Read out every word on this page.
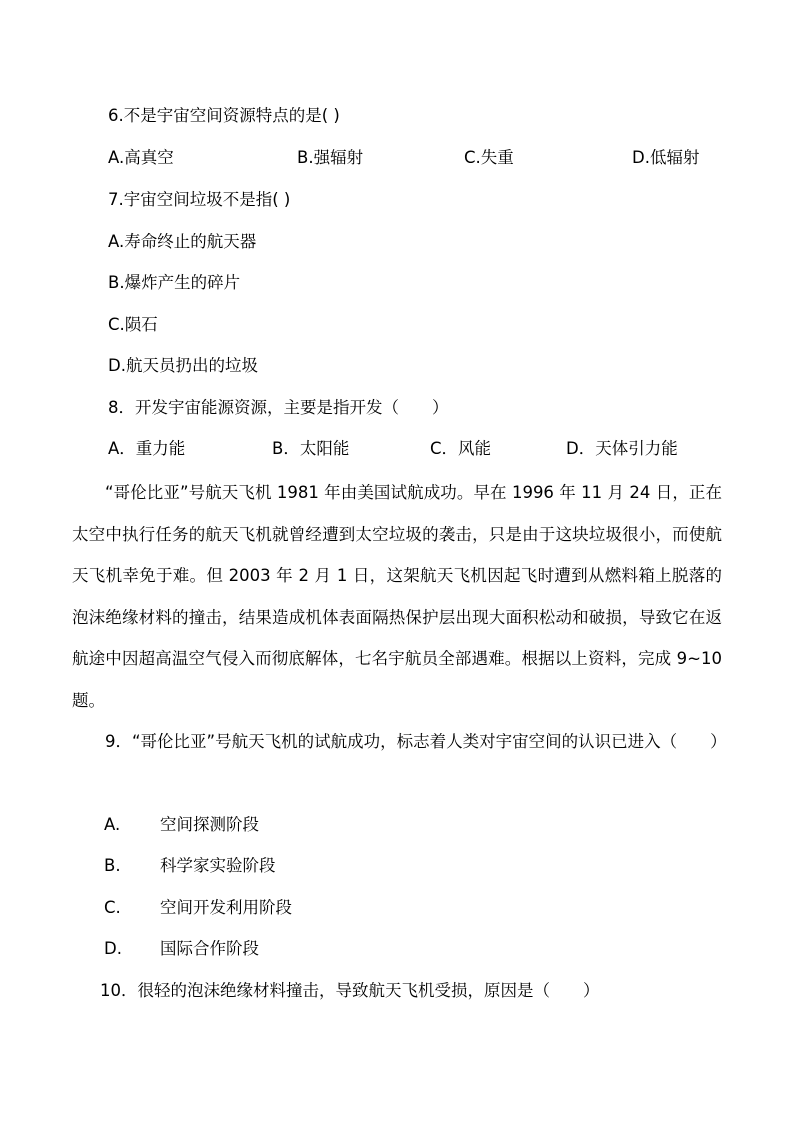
6.不是宇宙空间资源特点的是( )
A.高真空	B.强辐射	C.失重	D.低辐射
7.宇宙空间垃圾不是指( )
A.寿命终止的航天器
B.爆炸产生的碎片
C.陨石
D.航天员扔出的垃圾
8．开发宇宙能源资源，主要是指开发（　　）
A．重力能	B．太阳能	C．风能	D．天体引力能
“哥伦比亚”号航天飞机 1981 年由美国试航成功。早在 1996 年 11 月 24 日，正在太空中执行任务的航天飞机就曾经遭到太空垃圾的袭击，只是由于这块垃圾很小，而使航天飞机幸免于难。但 2003 年 2 月 1 日，这架航天飞机因起飞时遭到从燃料箱上脱落的泡沫绝缘材料的撞击，结果造成机体表面隔热保护层出现大面积松动和破损，导致它在返航途中因超高温空气侵入而彻底解体，七名宇航员全部遇难。根据以上资料，完成 9~10题。
9．“哥伦比亚”号航天飞机的试航成功，标志着人类对宇宙空间的认识已进入（　　）
A. 空间探测阶段
B. 科学家实验阶段
C. 空间开发利用阶段
D. 国际合作阶段
10．很轻的泡沫绝缘材料撞击，导致航天飞机受损，原因是（　　）
